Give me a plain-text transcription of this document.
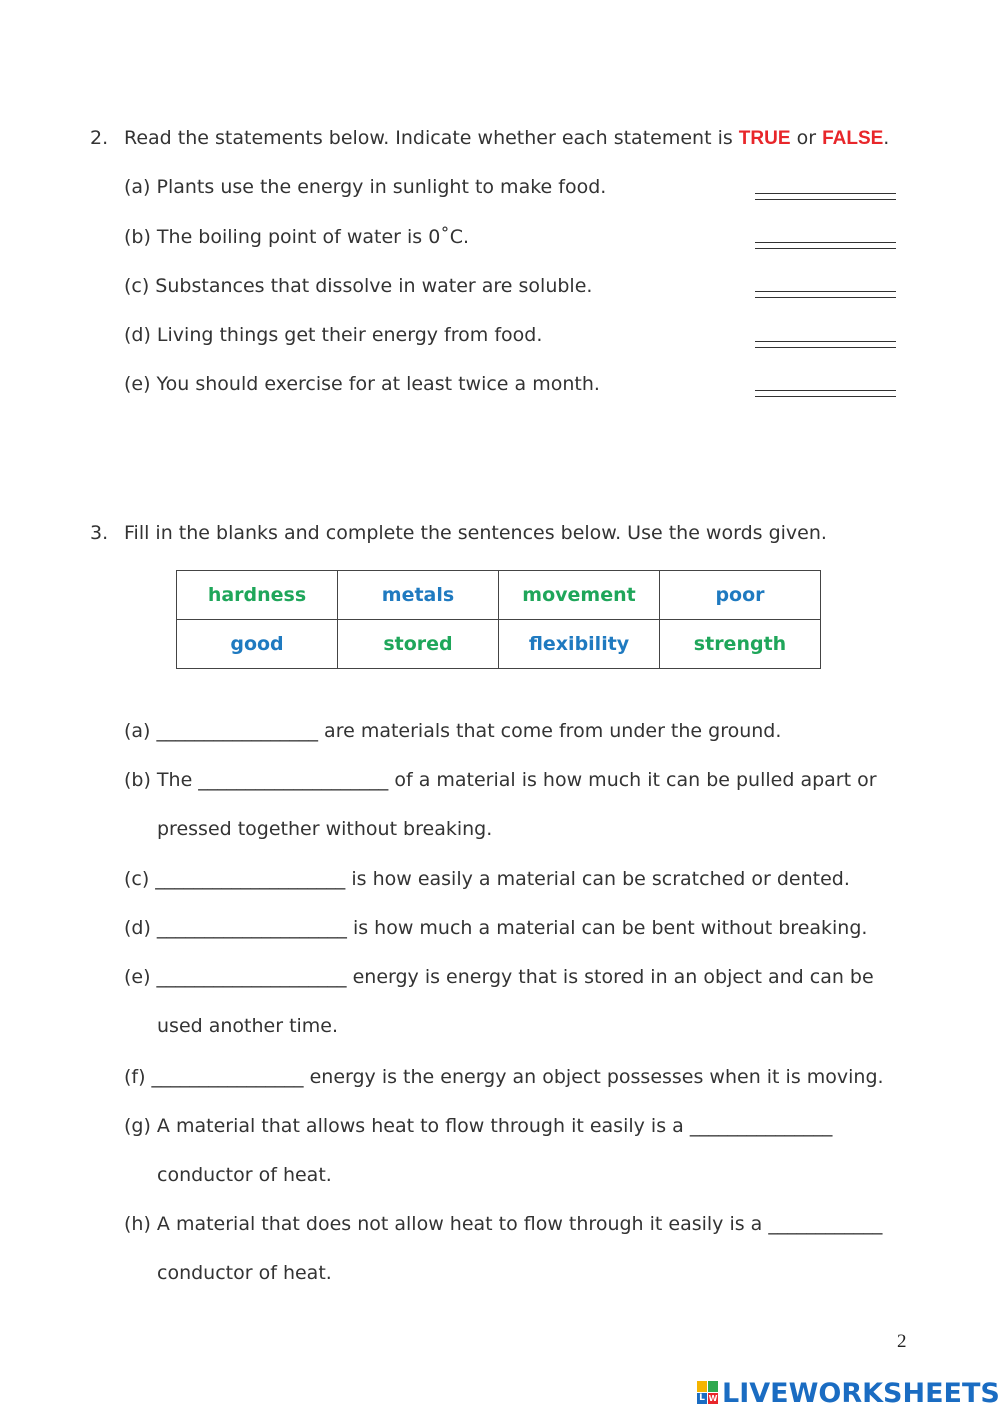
2. Read the statements below. Indicate whether each statement is TRUE or FALSE.
(a) Plants use the energy in sunlight to make food.
(b) The boiling point of water is 0˚C.
(c) Substances that dissolve in water are soluble.
(d) Living things get their energy from food.
(e) You should exercise for at least twice a month.
3. Fill in the blanks and complete the sentences below. Use the words given.
hardness	metals	movement	poor
good	stored	flexibility	strength
(a) _________________ are materials that come from under the ground.
(b) The ____________________ of a material is how much it can be pulled apart or
pressed together without breaking.
(c) ____________________ is how easily a material can be scratched or dented.
(d) ____________________ is how much a material can be bent without breaking.
(e) ____________________ energy is energy that is stored in an object and can be
used another time.
(f) ________________ energy is the energy an object possesses when it is moving.
(g) A material that allows heat to flow through it easily is a _______________
conductor of heat.
(h) A material that does not allow heat to flow through it easily is a ____________
conductor of heat.
2
L W LIVEWORKSHEETS
